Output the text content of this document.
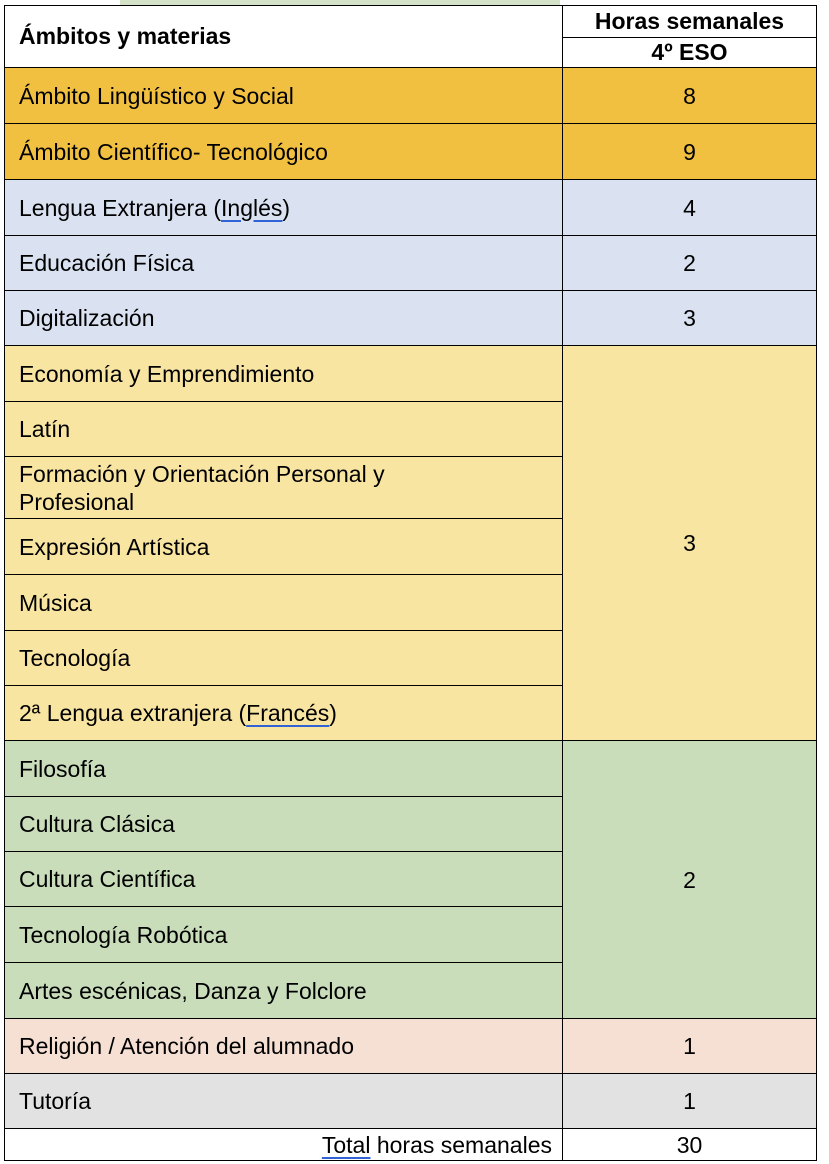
Ámbitos y materias	Horas semanales
	4º ESO
Ámbito Lingüístico y Social	8
Ámbito Científico- Tecnológico	9
Lengua Extranjera (Inglés)	4
Educación Física	2
Digitalización	3
Economía y Emprendimiento	3
Latín	
Formación y Orientación Personal y Profesional	
Expresión Artística	
Música	
Tecnología	
2ª Lengua extranjera (Francés)	
Filosofía	2
Cultura Clásica	
Cultura Científica	
Tecnología Robótica	
Artes escénicas, Danza y Folclore	
Religión / Atención del alumnado	1
Tutoría	1
Total horas semanales	30
